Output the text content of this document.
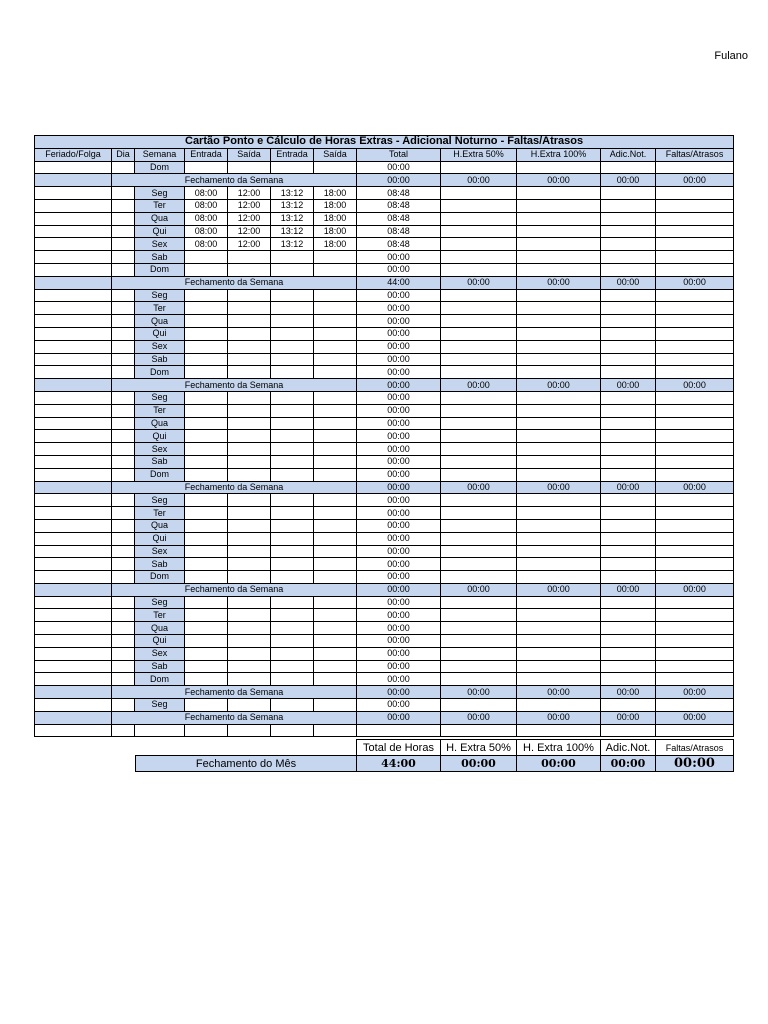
Fulano
Cartão Ponto e Cálculo de Horas Extras - Adicional Noturno - Faltas/Atrasos											
Feriado/Folga	Dia	Semana	Entrada	Saída	Entrada	Saída	Total	H.Extra 50%	H.Extra 100%	Adic.Not.	Faltas/Atrasos
		Dom					00:00				
	Fechamento da Semana						00:00	00:00	00:00	00:00	00:00
		Seg	08:00	12:00	13:12	18:00	08:48				
		Ter	08:00	12:00	13:12	18:00	08:48				
		Qua	08:00	12:00	13:12	18:00	08:48				
		Qui	08:00	12:00	13:12	18:00	08:48				
		Sex	08:00	12:00	13:12	18:00	08:48				
		Sab					00:00				
		Dom					00:00				
	Fechamento da Semana						44:00	00:00	00:00	00:00	00:00
		Seg					00:00				
		Ter					00:00				
		Qua					00:00				
		Qui					00:00				
		Sex					00:00				
		Sab					00:00				
		Dom					00:00				
	Fechamento da Semana						00:00	00:00	00:00	00:00	00:00
		Seg					00:00				
		Ter					00:00				
		Qua					00:00				
		Qui					00:00				
		Sex					00:00				
		Sab					00:00				
		Dom					00:00				
	Fechamento da Semana						00:00	00:00	00:00	00:00	00:00
		Seg					00:00				
		Ter					00:00				
		Qua					00:00				
		Qui					00:00				
		Sex					00:00				
		Sab					00:00				
		Dom					00:00				
	Fechamento da Semana						00:00	00:00	00:00	00:00	00:00
		Seg					00:00				
		Ter					00:00				
		Qua					00:00				
		Qui					00:00				
		Sex					00:00				
		Sab					00:00				
		Dom					00:00				
	Fechamento da Semana						00:00	00:00	00:00	00:00	00:00
		Seg					00:00				
	Fechamento da Semana						00:00	00:00	00:00	00:00	00:00

	Total de Horas	H. Extra 50%	H. Extra 100%	Adic.Not.	Faltas/Atrasos
Fechamento do Mês	44:00	00:00	00:00	00:00	00:00
